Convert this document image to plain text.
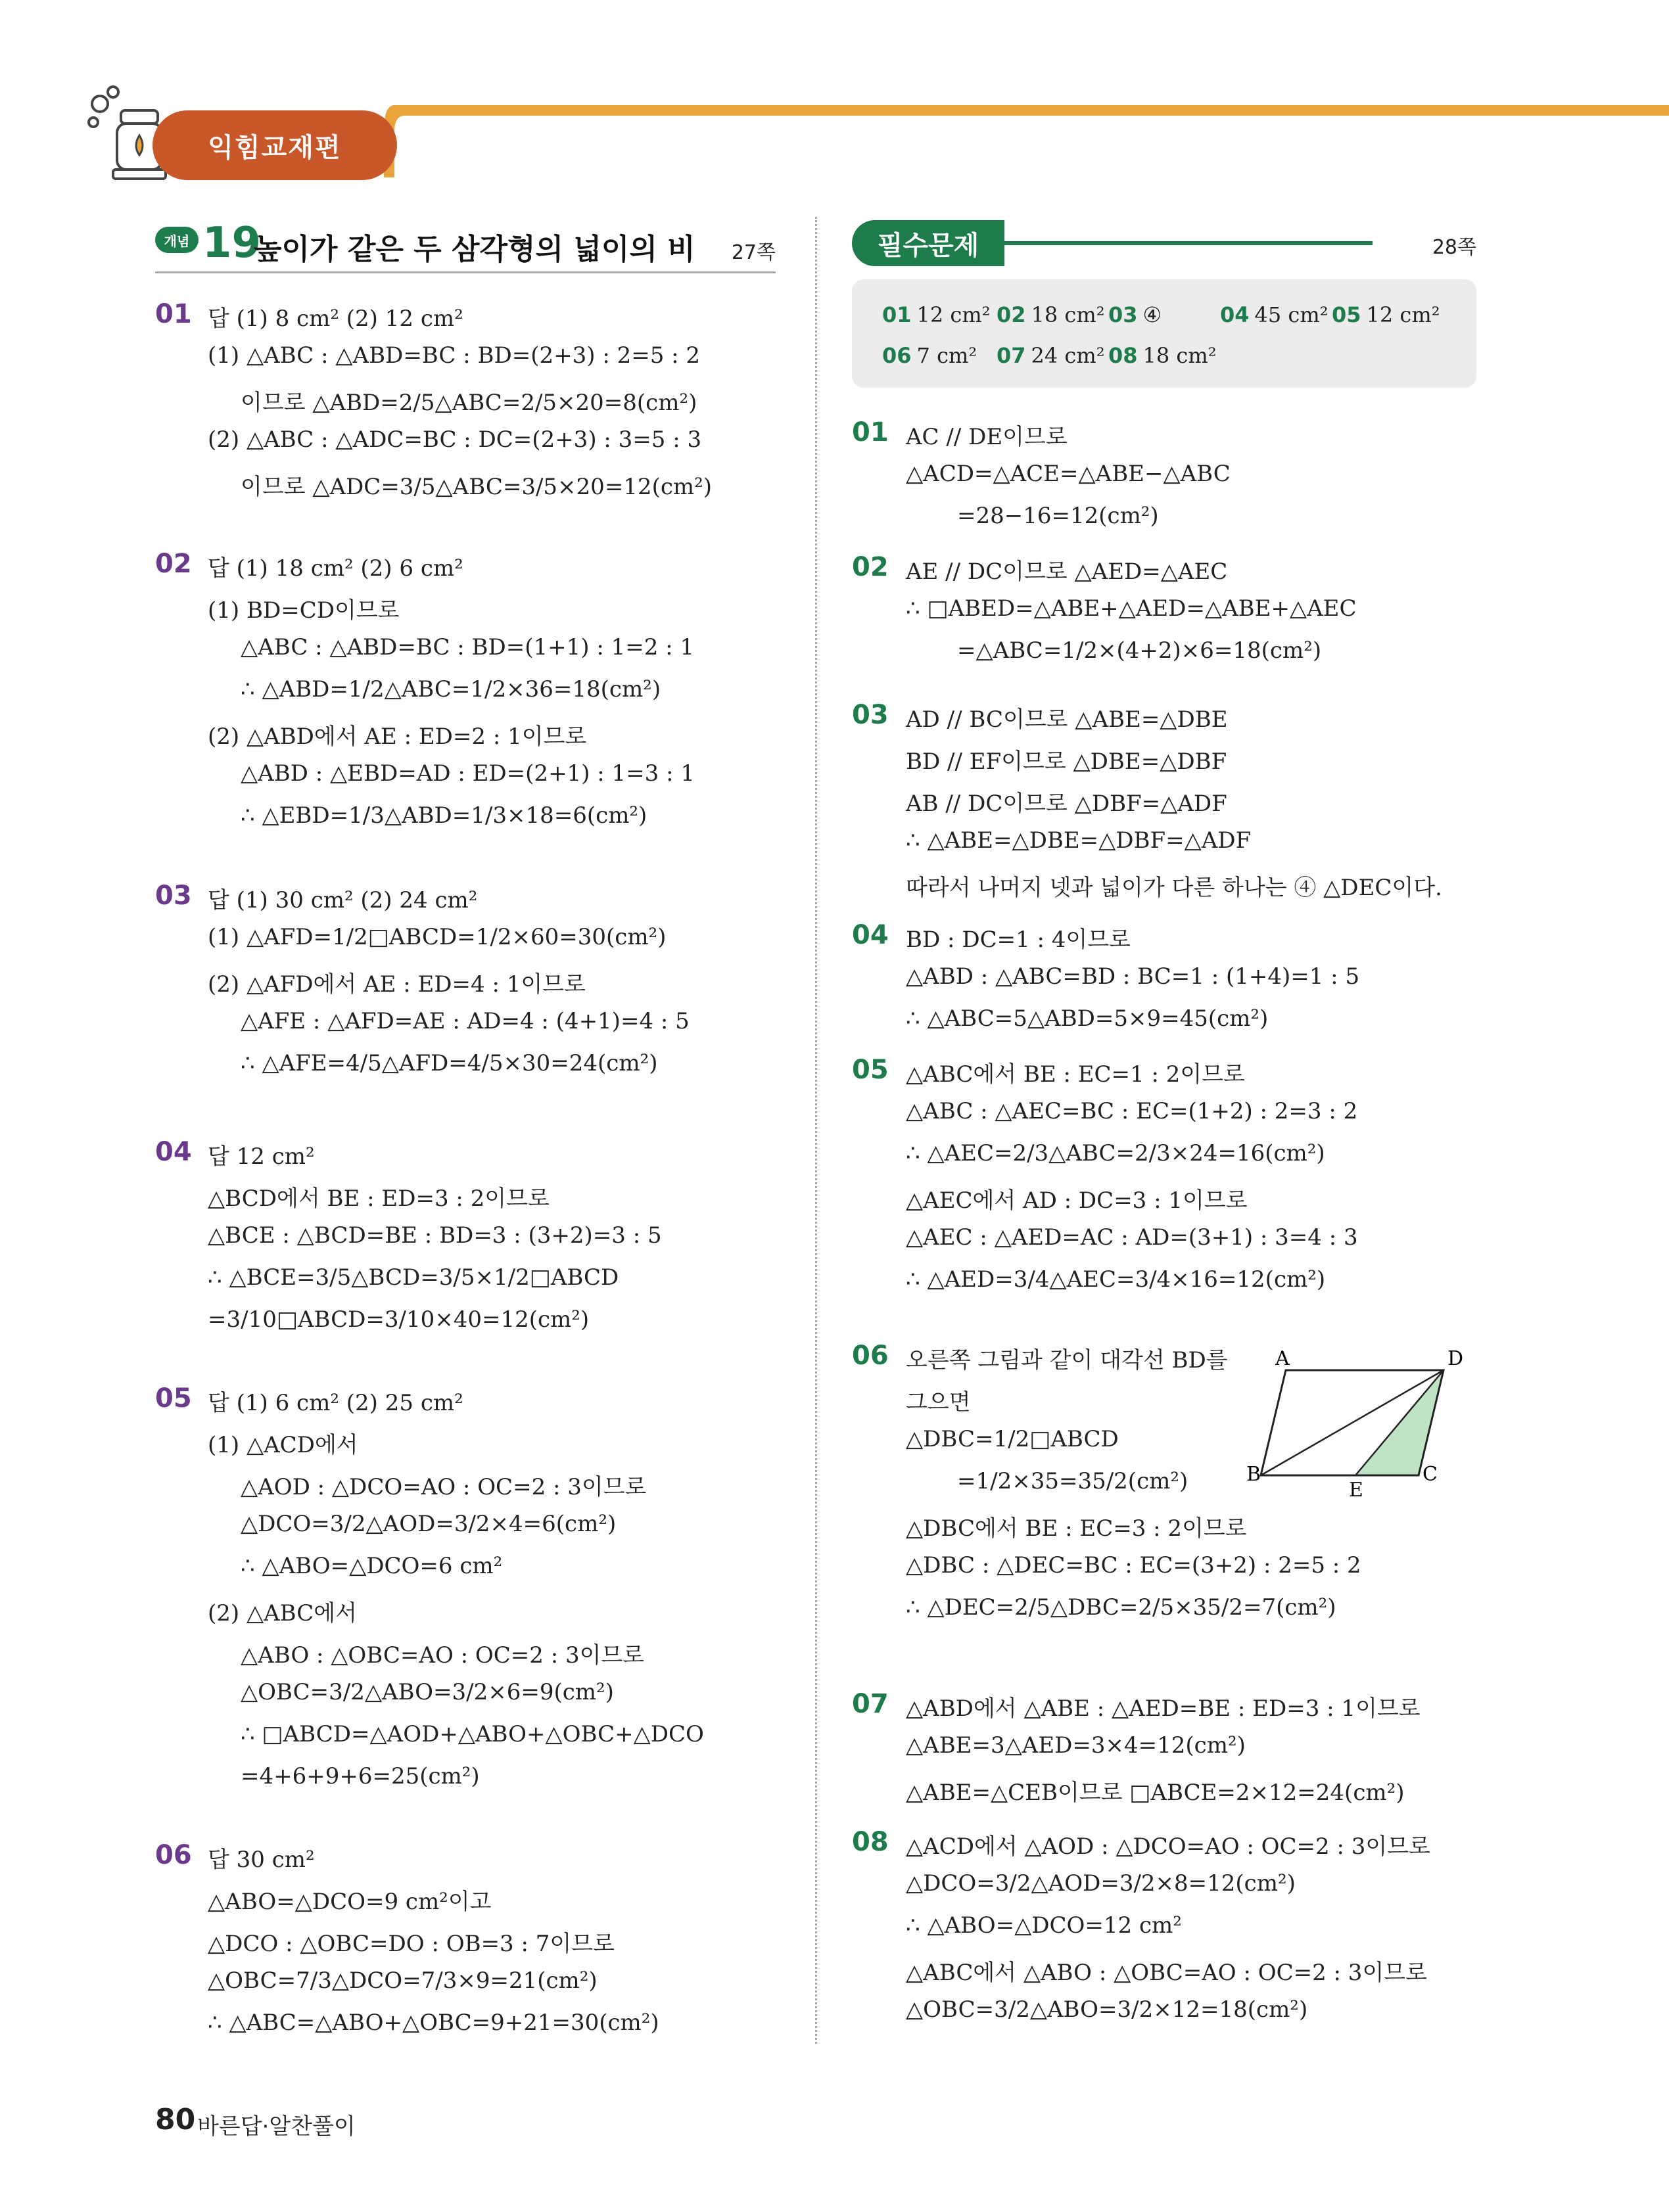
익힘교재편
개념 19
높이가 같은 두 삼각형의 넓이의 비 27쪽
01 답 (1) 8 cm² (2) 12 cm²
(1) △ABC : △ABD=BC : BD=(2+3) : 2=5 : 2
이므로 △ABD=2/5△ABC=2/5×20=8(cm²)
(2) △ABC : △ADC=BC : DC=(2+3) : 3=5 : 3
이므로 △ADC=3/5△ABC=3/5×20=12(cm²)
02 답 (1) 18 cm² (2) 6 cm²
(1) BD=CD이므로
△ABC : △ABD=BC : BD=(1+1) : 1=2 : 1
∴ △ABD=1/2△ABC=1/2×36=18(cm²)
(2) △ABD에서 AE : ED=2 : 1이므로
△ABD : △EBD=AD : ED=(2+1) : 1=3 : 1
∴ △EBD=1/3△ABD=1/3×18=6(cm²)
03 답 (1) 30 cm² (2) 24 cm²
(1) △AFD=1/2□ABCD=1/2×60=30(cm²)
(2) △AFD에서 AE : ED=4 : 1이므로
△AFE : △AFD=AE : AD=4 : (4+1)=4 : 5
∴ △AFE=4/5△AFD=4/5×30=24(cm²)
04 답 12 cm²
△BCD에서 BE : ED=3 : 2이므로
△BCE : △BCD=BE : BD=3 : (3+2)=3 : 5
∴ △BCE=3/5△BCD=3/5×1/2□ABCD
=3/10□ABCD=3/10×40=12(cm²)
05 답 (1) 6 cm² (2) 25 cm²
(1) △ACD에서
△AOD : △DCO=AO : OC=2 : 3이므로
△DCO=3/2△AOD=3/2×4=6(cm²)
∴ △ABO=△DCO=6 cm²
(2) △ABC에서
△ABO : △OBC=AO : OC=2 : 3이므로
△OBC=3/2△ABO=3/2×6=9(cm²)
∴ □ABCD=△AOD+△ABO+△OBC+△DCO
=4+6+9+6=25(cm²)
06 답 30 cm²
△ABO=△DCO=9 cm²이고
△DCO : △OBC=DO : OB=3 : 7이므로
△OBC=7/3△DCO=7/3×9=21(cm²)
∴ △ABC=△ABO+△OBC=9+21=30(cm²)
필수문제	28쪽
01 12 cm² 02 18 cm² 03 ④	04 45 cm² 05 12 cm²
06 7 cm² 07 24 cm² 08 18 cm²
01 AC // DE이므로
△ACD=△ACE=△ABE−△ABC
=28−16=12(cm²)
02 AE // DC이므로 △AED=△AEC
∴ □ABED=△ABE+△AED=△ABE+△AEC
=△ABC=1/2×(4+2)×6=18(cm²)
03 AD // BC이므로 △ABE=△DBE
BD // EF이므로 △DBE=△DBF
AB // DC이므로 △DBF=△ADF
∴ △ABE=△DBE=△DBF=△ADF
따라서 나머지 넷과 넓이가 다른 하나는 ④ △DEC이다.
04 BD : DC=1 : 4이므로
△ABD : △ABC=BD : BC=1 : (1+4)=1 : 5
∴ △ABC=5△ABD=5×9=45(cm²)
05 △ABC에서 BE : EC=1 : 2이므로
△ABC : △AEC=BC : EC=(1+2) : 2=3 : 2
∴ △AEC=2/3△ABC=2/3×24=16(cm²)
△AEC에서 AD : DC=3 : 1이므로
△AEC : △AED=AC : AD=(3+1) : 3=4 : 3
∴ △AED=3/4△AEC=3/4×16=12(cm²)
06 오른쪽 그림과 같이 대각선 BD를
그으면
△DBC=1/2□ABCD
=1/2×35=35/2(cm²)
△DBC에서 BE : EC=3 : 2이므로
△DBC : △DEC=BC : EC=(3+2) : 2=5 : 2
∴ △DEC=2/5△DBC=2/5×35/2=7(cm²)
07 △ABD에서 △ABE : △AED=BE : ED=3 : 1이므로
△ABE=3△AED=3×4=12(cm²)
△ABE=△CEB이므로 □ABCE=2×12=24(cm²)
08 △ACD에서 △AOD : △DCO=AO : OC=2 : 3이므로
△DCO=3/2△AOD=3/2×8=12(cm²)
∴ △ABO=△DCO=12 cm²
△ABC에서 △ABO : △OBC=AO : OC=2 : 3이므로
△OBC=3/2△ABO=3/2×12=18(cm²)
A	D
B	C
E
80 바른답·알찬풀이
